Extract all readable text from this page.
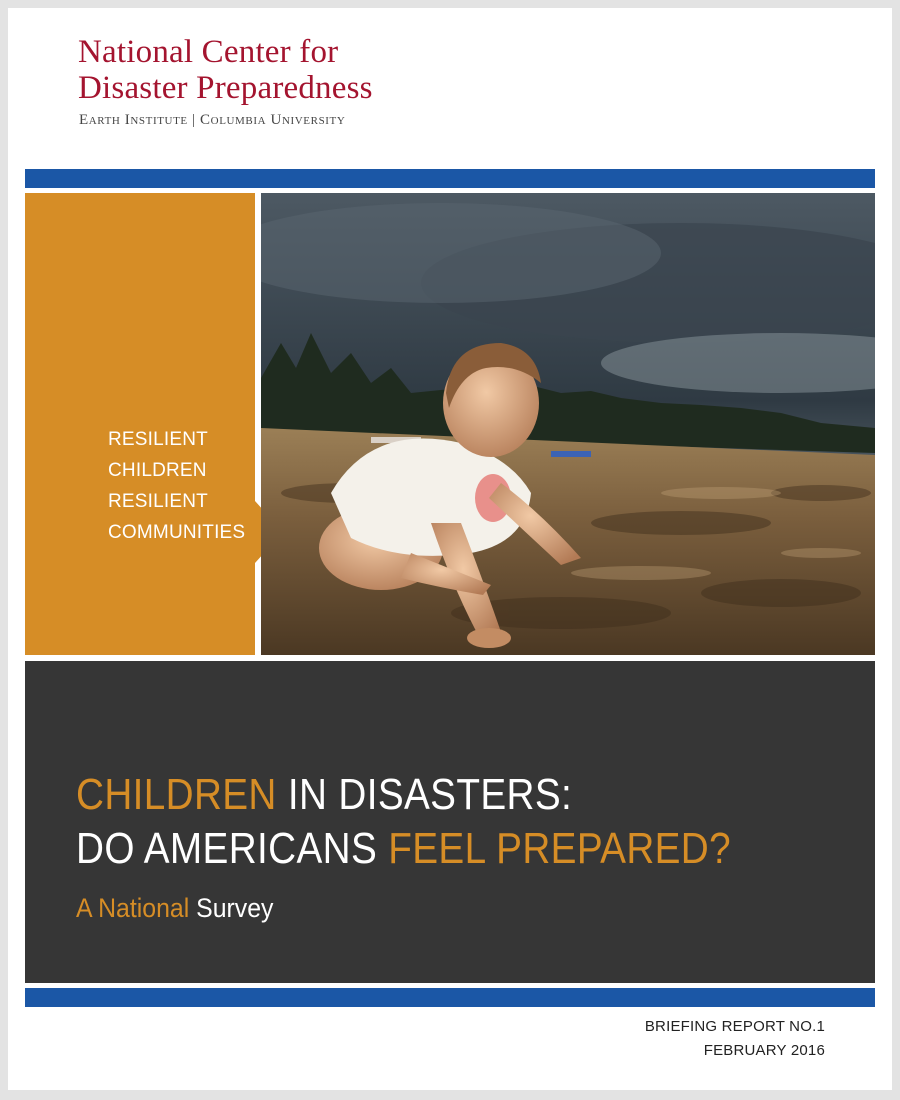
National Center for
Disaster Preparedness
Earth Institute | Columbia University
RESILIENT
CHILDREN
RESILIENT
COMMUNITIES
CHILDREN IN DISASTERS:
DO AMERICANS FEEL PREPARED?
A National Survey
BRIEFING REPORT NO.1
FEBRUARY 2016
